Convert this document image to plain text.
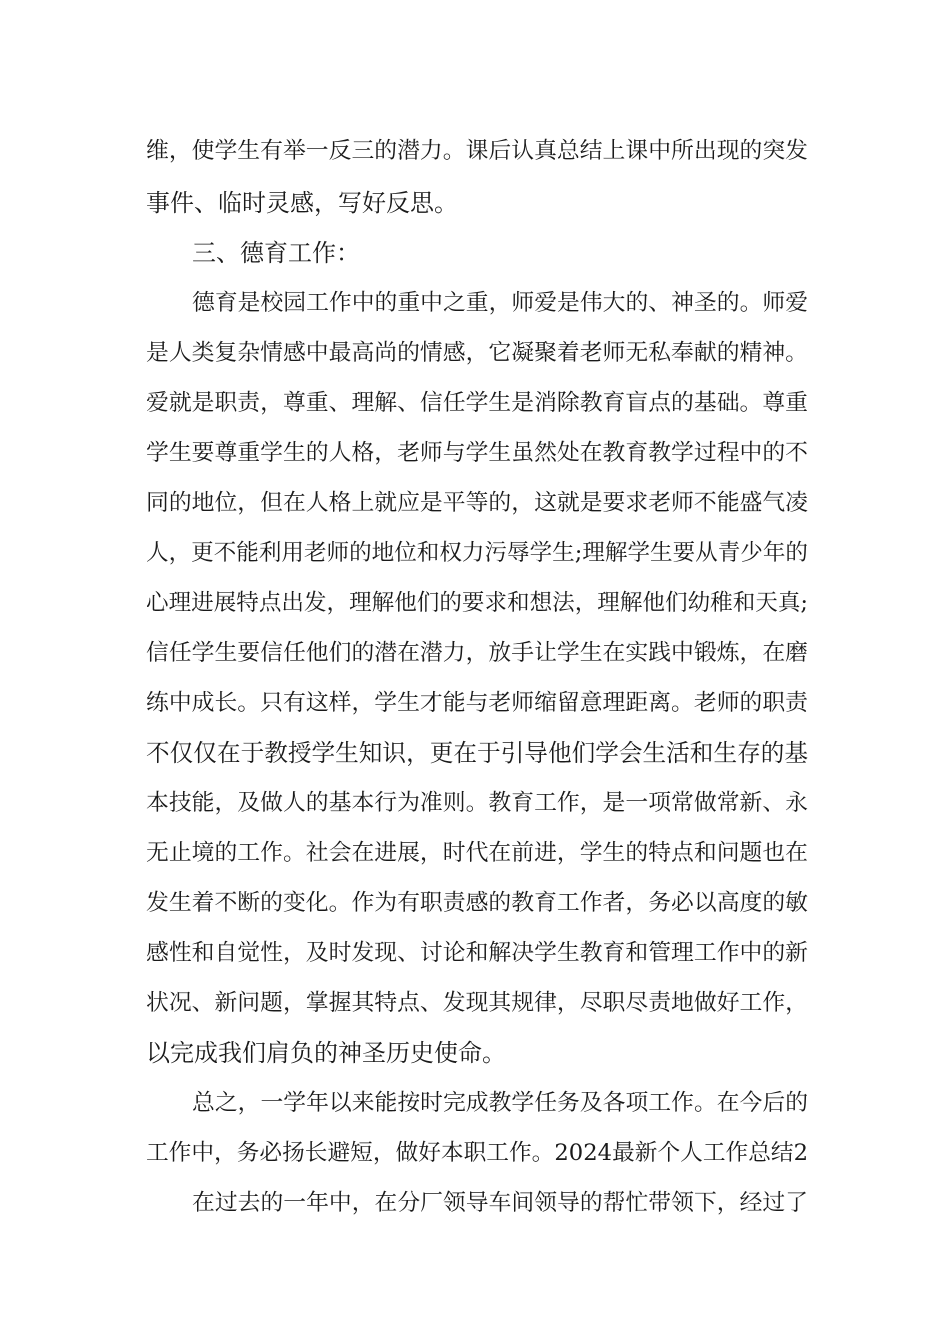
维，使学生有举一反三的潜力。课后认真总结上课中所出现的突发
事件、临时灵感，写好反思。
三、德育工作：
德育是校园工作中的重中之重，师爱是伟大的、神圣的。师爱
是人类复杂情感中最高尚的情感，它凝聚着老师无私奉献的精神。
爱就是职责，尊重、理解、信任学生是消除教育盲点的基础。尊重
学生要尊重学生的人格，老师与学生虽然处在教育教学过程中的不
同的地位，但在人格上就应是平等的，这就是要求老师不能盛气凌
人，更不能利用老师的地位和权力污辱学生;理解学生要从青少年的
心理进展特点出发，理解他们的要求和想法，理解他们幼稚和天真;
信任学生要信任他们的潜在潜力，放手让学生在实践中锻炼，在磨
练中成长。只有这样，学生才能与老师缩留意理距离。老师的职责
不仅仅在于教授学生知识，更在于引导他们学会生活和生存的基
本技能，及做人的基本行为准则。教育工作，是一项常做常新、永
无止境的工作。社会在进展，时代在前进，学生的特点和问题也在
发生着不断的变化。作为有职责感的教育工作者，务必以高度的敏
感性和自觉性，及时发现、讨论和解决学生教育和管理工作中的新
状况、新问题，掌握其特点、发现其规律，尽职尽责地做好工作，
以完成我们肩负的神圣历史使命。
总之，一学年以来能按时完成教学任务及各项工作。在今后的
工作中，务必扬长避短，做好本职工作。2024最新个人工作总结2
在过去的一年中，在分厂领导车间领导的帮忙带领下，经过了
